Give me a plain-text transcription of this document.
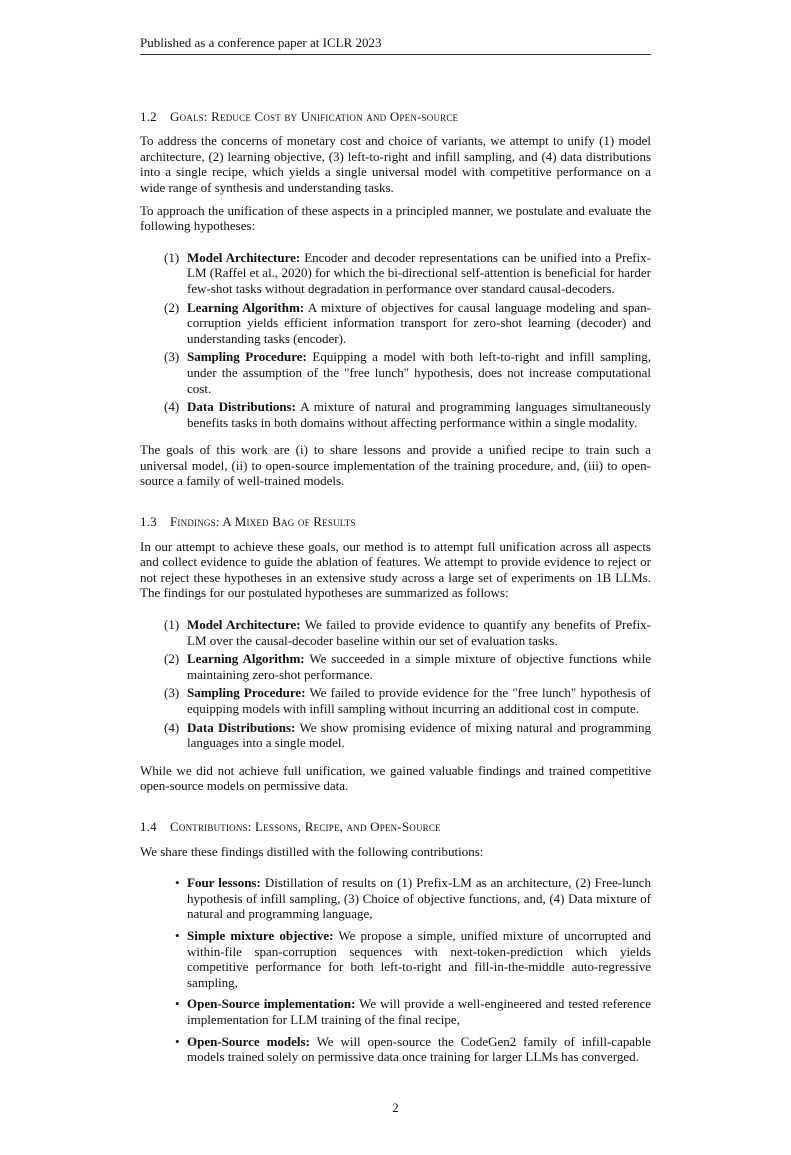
Published as a conference paper at ICLR 2023
1.2 Goals: Reduce Cost by Unification and Open-source
To address the concerns of monetary cost and choice of variants, we attempt to unify (1) model architecture, (2) learning objective, (3) left-to-right and infill sampling, and (4) data distributions into a single recipe, which yields a single universal model with competitive performance on a wide range of synthesis and understanding tasks.
To approach the unification of these aspects in a principled manner, we postulate and evaluate the following hypotheses:
(1) Model Architecture: Encoder and decoder representations can be unified into a Prefix-LM (Raffel et al., 2020) for which the bi-directional self-attention is beneficial for harder few-shot tasks without degradation in performance over standard causal-decoders.
(2) Learning Algorithm: A mixture of objectives for causal language modeling and span-corruption yields efficient information transport for zero-shot learning (decoder) and understanding tasks (encoder).
(3) Sampling Procedure: Equipping a model with both left-to-right and infill sampling, under the assumption of the "free lunch" hypothesis, does not increase computational cost.
(4) Data Distributions: A mixture of natural and programming languages simultaneously benefits tasks in both domains without affecting performance within a single modality.
The goals of this work are (i) to share lessons and provide a unified recipe to train such a universal model, (ii) to open-source implementation of the training procedure, and, (iii) to open-source a family of well-trained models.
1.3 Findings: A Mixed Bag of Results
In our attempt to achieve these goals, our method is to attempt full unification across all aspects and collect evidence to guide the ablation of features. We attempt to provide evidence to reject or not reject these hypotheses in an extensive study across a large set of experiments on 1B LLMs. The findings for our postulated hypotheses are summarized as follows:
(1) Model Architecture: We failed to provide evidence to quantify any benefits of Prefix-LM over the causal-decoder baseline within our set of evaluation tasks.
(2) Learning Algorithm: We succeeded in a simple mixture of objective functions while maintaining zero-shot performance.
(3) Sampling Procedure: We failed to provide evidence for the "free lunch" hypothesis of equipping models with infill sampling without incurring an additional cost in compute.
(4) Data Distributions: We show promising evidence of mixing natural and programming languages into a single model.
While we did not achieve full unification, we gained valuable findings and trained competitive open-source models on permissive data.
1.4 Contributions: Lessons, Recipe, and Open-Source
We share these findings distilled with the following contributions:
• Four lessons: Distillation of results on (1) Prefix-LM as an architecture, (2) Free-lunch hypothesis of infill sampling, (3) Choice of objective functions, and, (4) Data mixture of natural and programming language,
• Simple mixture objective: We propose a simple, unified mixture of uncorrupted and within-file span-corruption sequences with next-token-prediction which yields competitive performance for both left-to-right and fill-in-the-middle auto-regressive sampling,
• Open-Source implementation: We will provide a well-engineered and tested reference implementation for LLM training of the final recipe,
• Open-Source models: We will open-source the CodeGen2 family of infill-capable models trained solely on permissive data once training for larger LLMs has converged.
2
